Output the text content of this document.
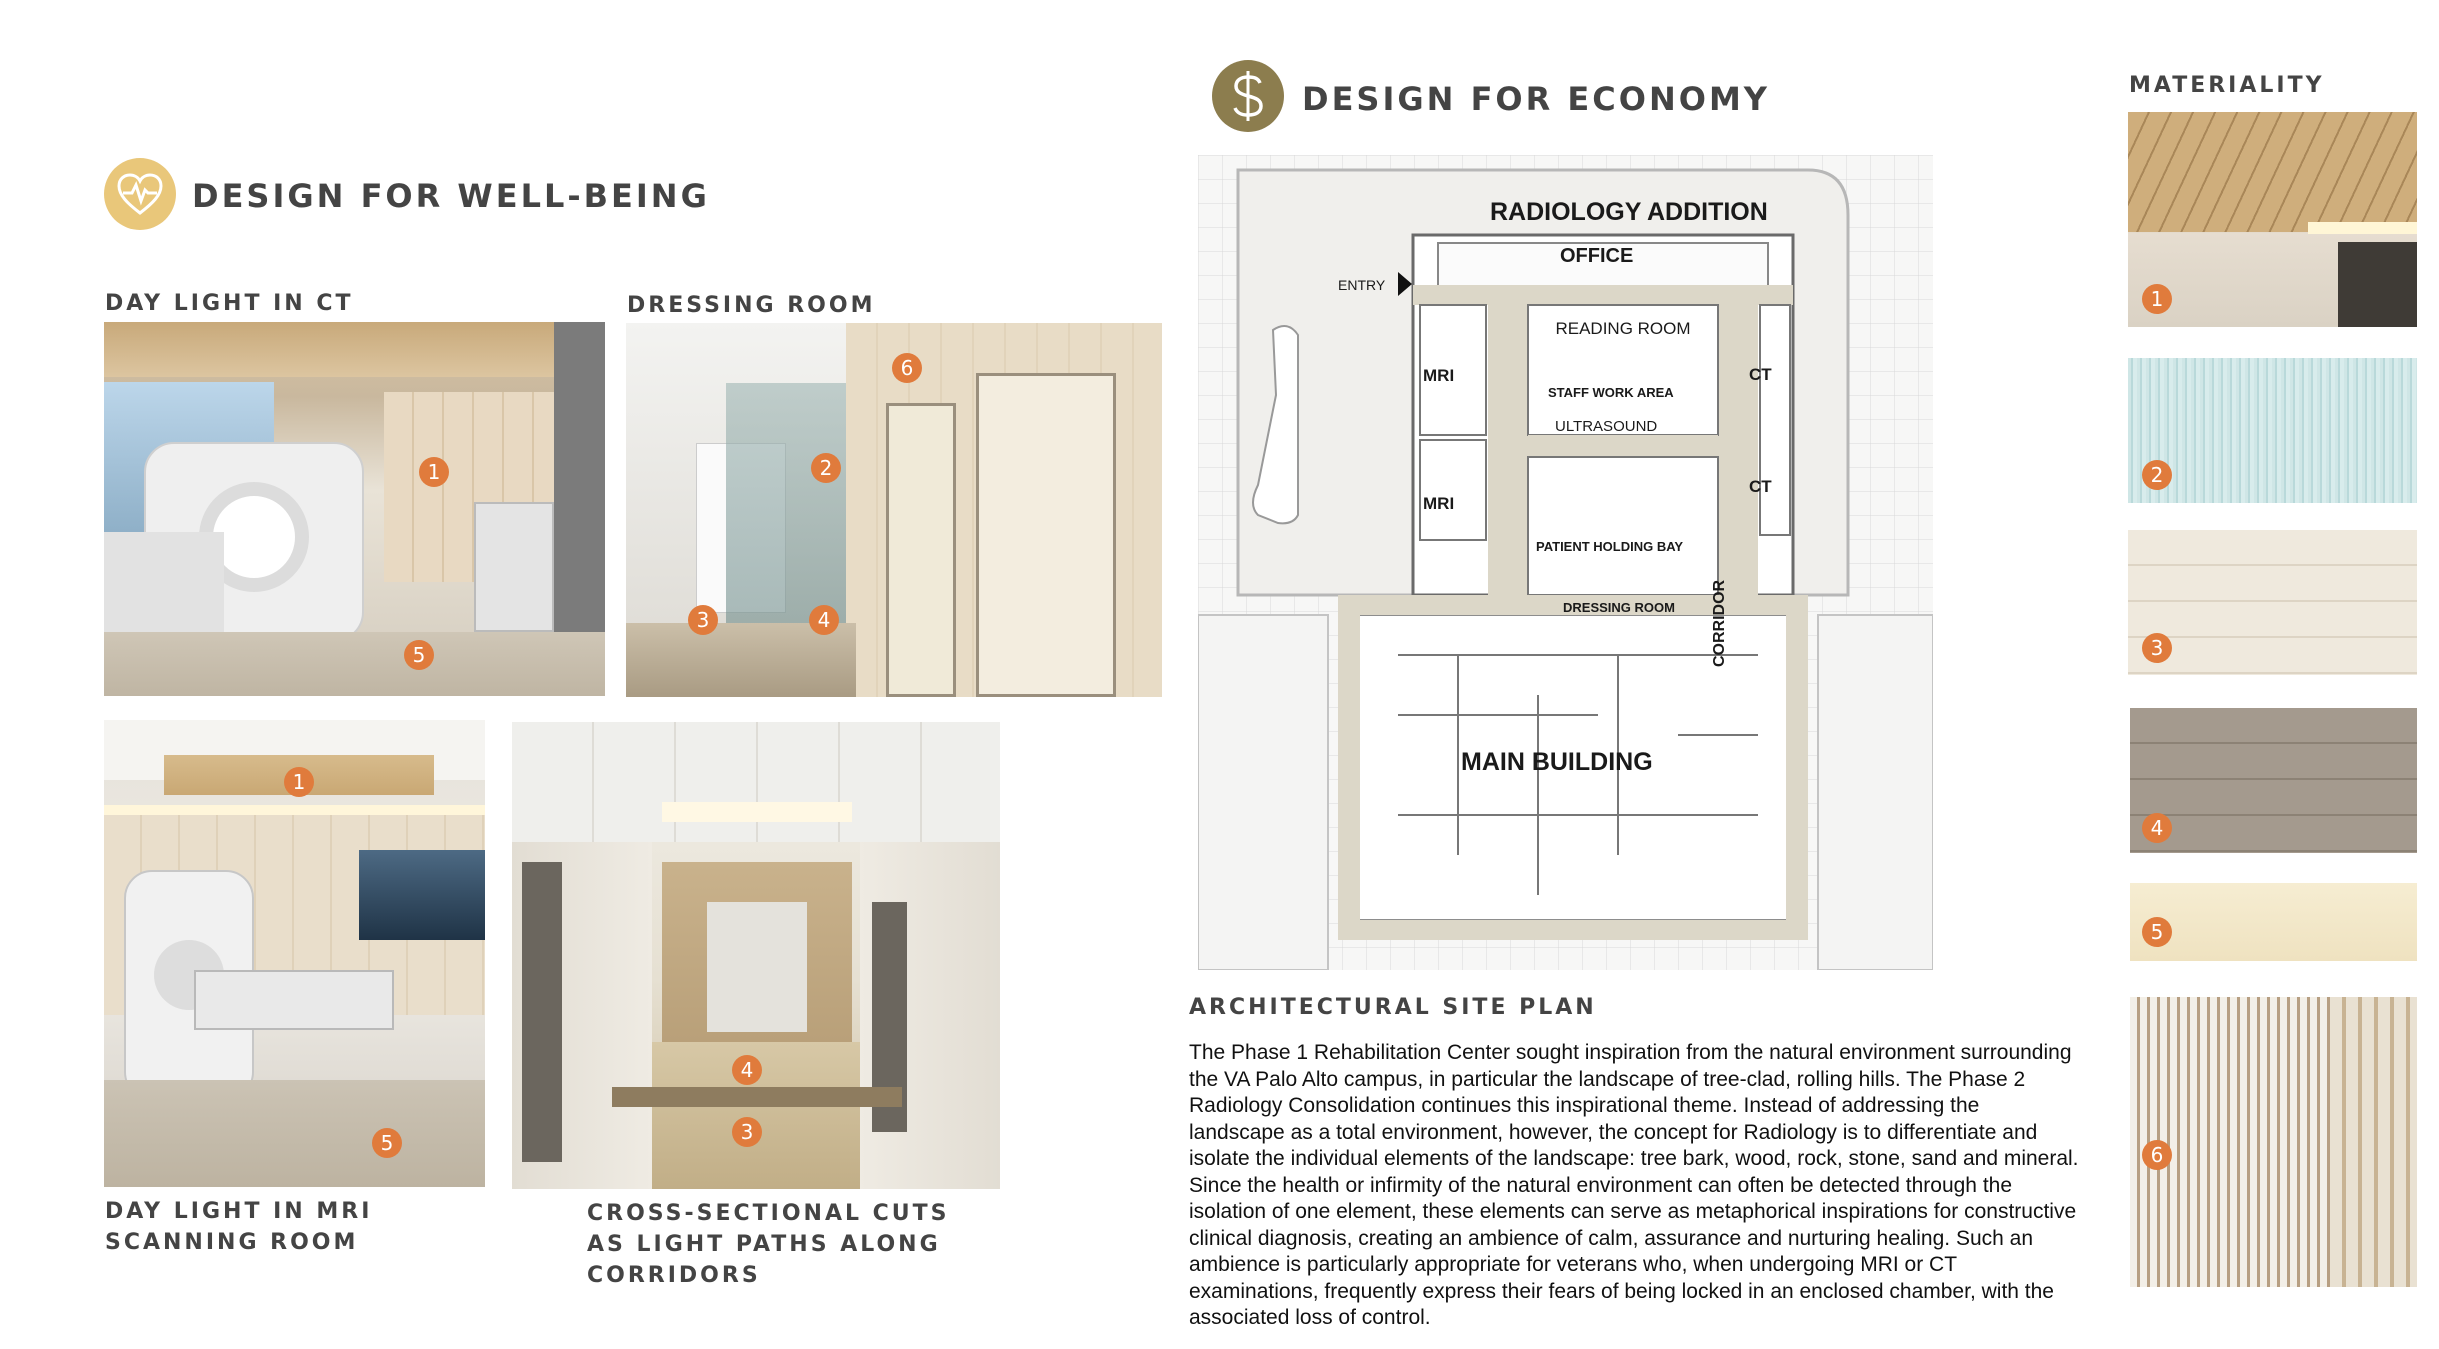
DESIGN FOR WELL-BEING
DAY LIGHT IN CT	DRESSING ROOM
1
5
6
2
3	4
1
5
4
3
DAY LIGHT IN MRI SCANNING ROOM
CROSS-SECTIONAL CUTS AS LIGHT PATHS ALONG CORRIDORS
DESIGN FOR ECONOMY
RADIOLOGY ADDITION
OFFICE
ENTRY
READING ROOM
MRI
MRI
CT
CT
STAFF WORK AREA
ULTRASOUND
PATIENT HOLDING BAY
DRESSING ROOM CORRIDOR
MAIN BUILDING
ARCHITECTURAL SITE PLAN
The Phase 1 Rehabilitation Center sought inspiration from the natural environment surrounding the VA Palo Alto campus, in particular the landscape of tree-clad, rolling hills. The Phase 2 Radiology Consolidation continues this inspirational theme. Instead of addressing the landscape as a total environment, however, the concept for Radiology is to differentiate and isolate the individual elements of the landscape: tree bark, wood, rock, stone, sand and mineral. Since the health or infirmity of the natural environment can often be detected through the isolation of one element, these elements can serve as metaphorical inspirations for constructive clinical diagnosis, creating an ambience of calm, assurance and nurturing healing. Such an ambience is particularly appropriate for veterans who, when undergoing MRI or CT examinations, frequently express their fears of being locked in an enclosed chamber, with the associated loss of control.
MATERIALITY
1
2
3
4
5
6
